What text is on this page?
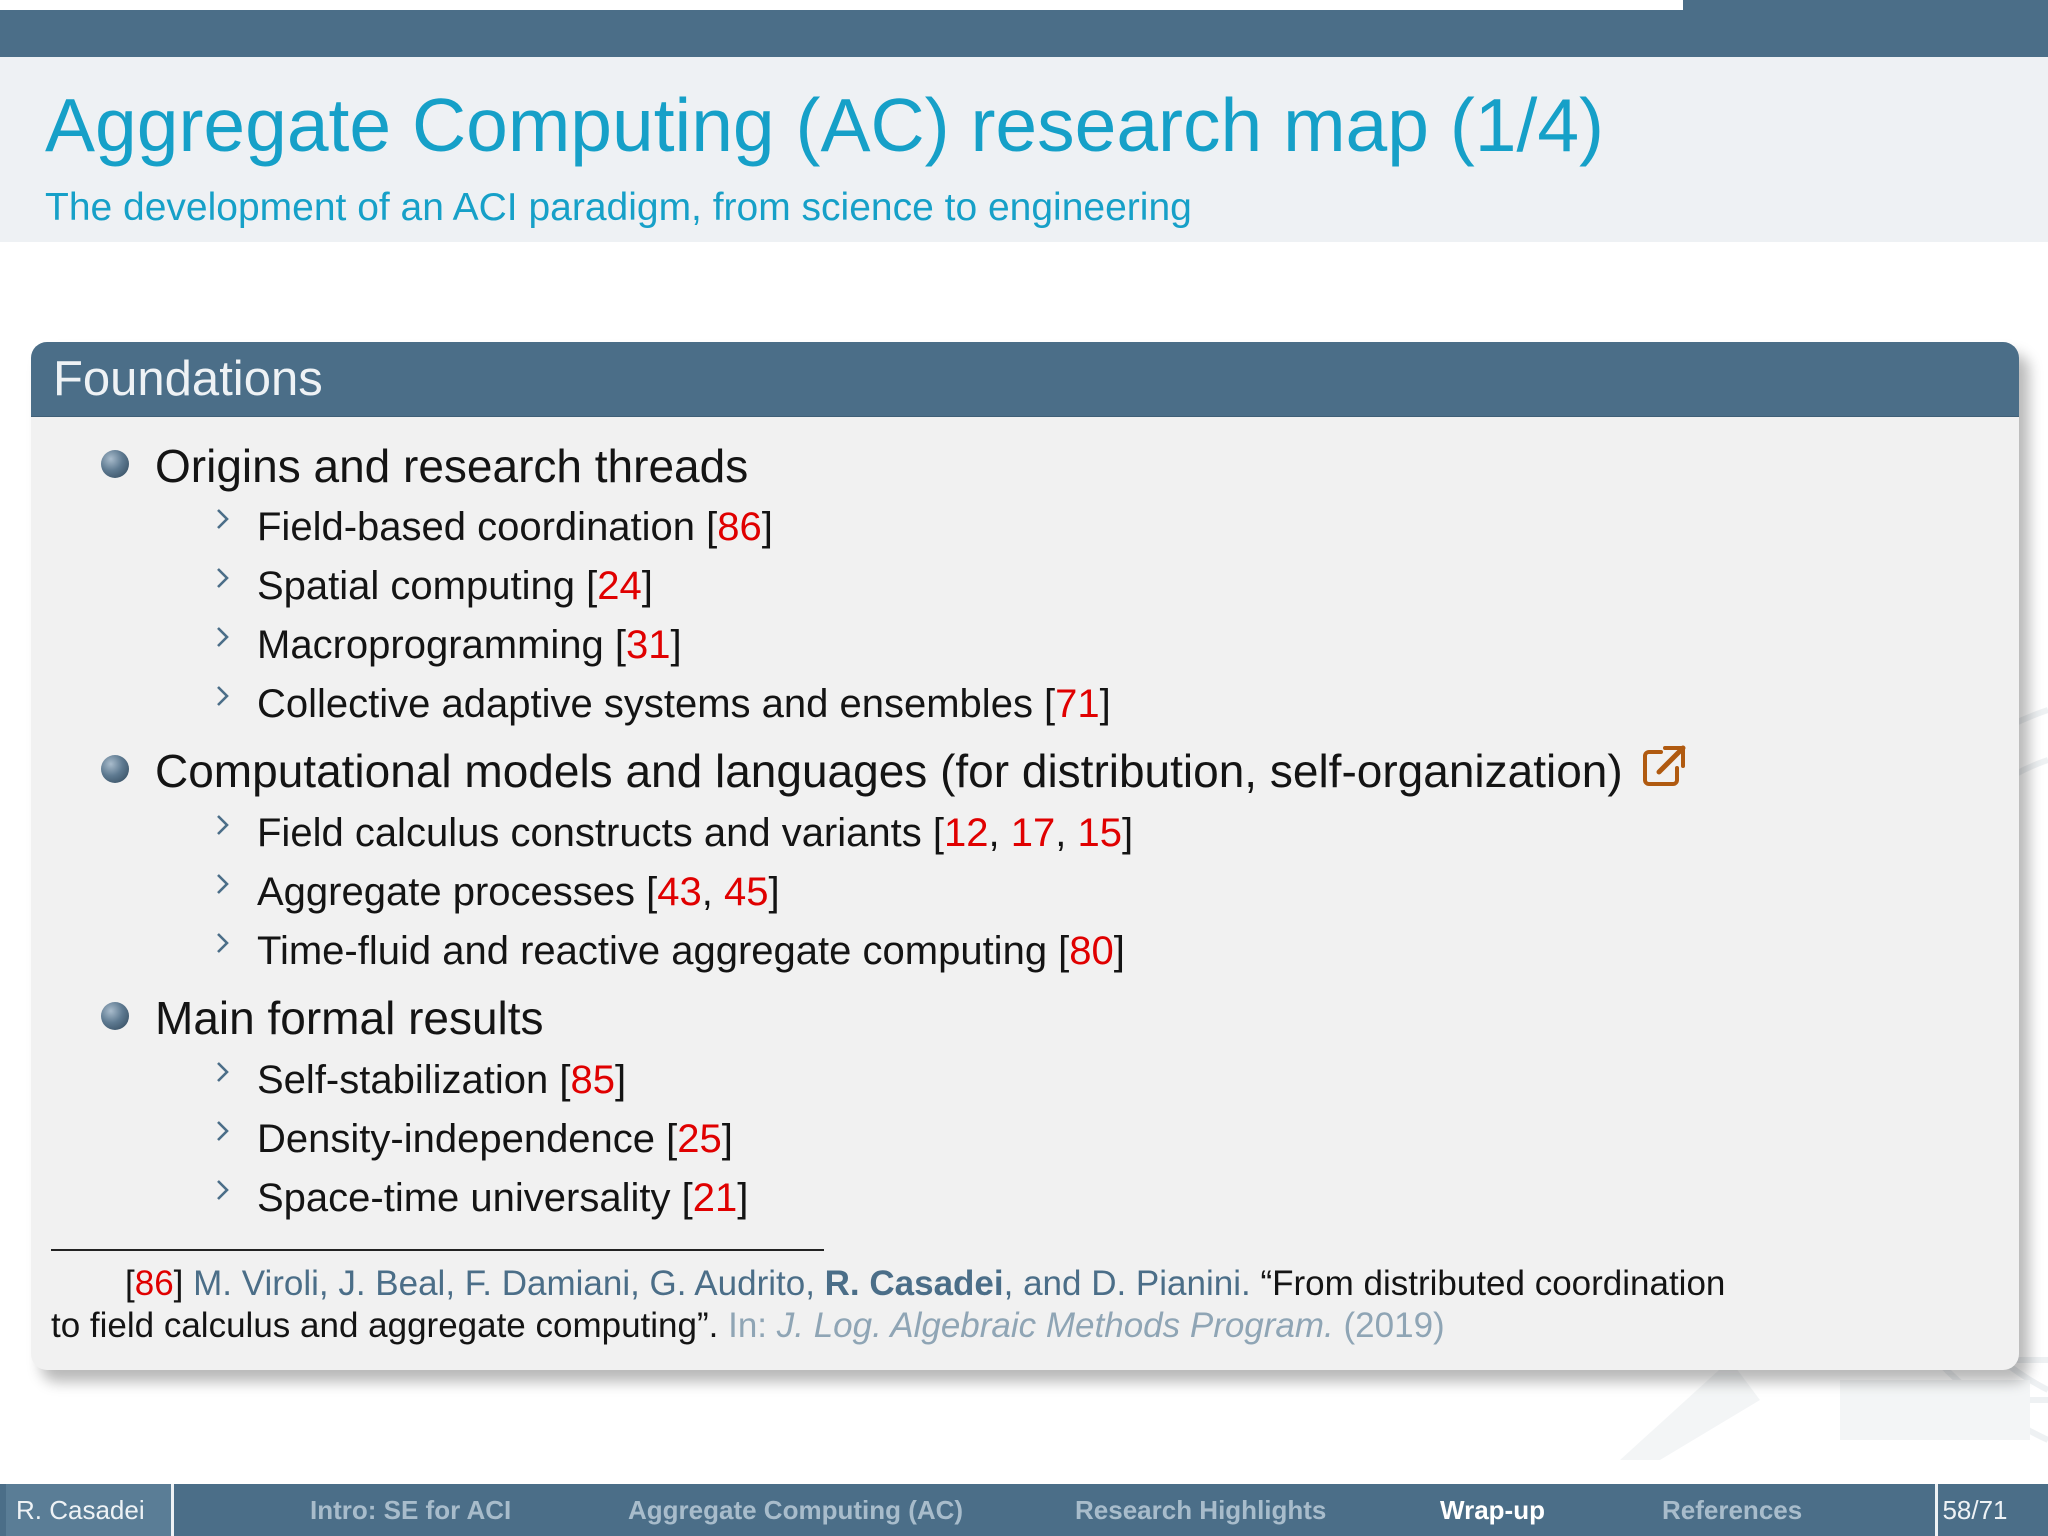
Aggregate Computing (AC) research map (1/4)
The development of an ACI paradigm, from science to engineering
Foundations
Origins and research threads
Field-based coordination [86]
Spatial computing [24]
Macroprogramming [31]
Collective adaptive systems and ensembles [71]
Computational models and languages (for distribution, self-organization)
Field calculus constructs and variants [12, 17, 15]
Aggregate processes [43, 45]
Time-fluid and reactive aggregate computing [80]
Main formal results
Self-stabilization [85]
Density-independence [25]
Space-time universality [21]
[86] M. Viroli, J. Beal, F. Damiani, G. Audrito, R. Casadei, and D. Pianini. “From distributed coordination
to field calculus and aggregate computing”. In: J. Log. Algebraic Methods Program. (2019)
R. Casadei	Intro: SE for ACI	Aggregate Computing (AC)	Research Highlights	Wrap-up	References	58/71
